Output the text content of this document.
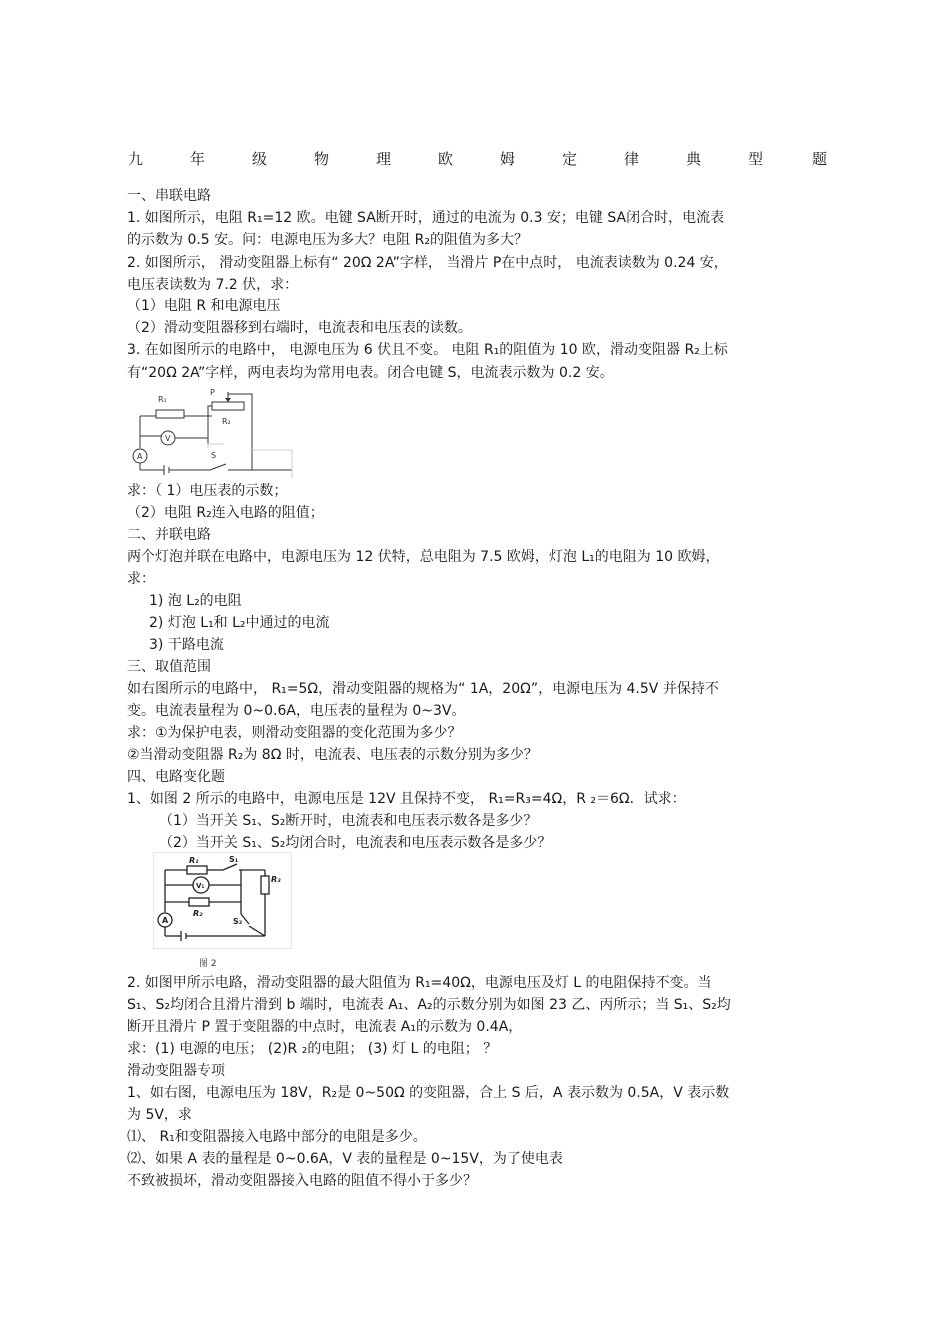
九	年	级	物	理	欧	姆	定	律	典	型	题
一、串联电路
1. 如图所示，电阻 R₁=12 欧。电键 SA断开时，通过的电流为 0.3 安；电键 SA闭合时，电流表
的示数为 0.5 安。问：电源电压为多大？电阻 R₂的阻值为多大？
2. 如图所示， 滑动变阻器上标有“ 20Ω 2A”字样， 当滑片 P在中点时， 电流表读数为 0.24 安，
电压表读数为 7.2 伏，求：
（1）电阻 R 和电源电压
（2）滑动变阻器移到右端时，电流表和电压表的读数。
3. 在如图所示的电路中， 电源电压为 6 伏且不变。 电阻 R₁的阻值为 10 欧，滑动变阻器 R₂上标
有“20Ω 2A”字样，两电表均为常用电表。闭合电键 S，电流表示数为 0.2 安。
R₁
P
R₂
V
A	S
求：（ 1）电压表的示数；
（2）电阻 R₂连入电路的阻值；
二、并联电路
两个灯泡并联在电路中，电源电压为 12 伏特，总电阻为 7.5 欧姆，灯泡 L₁的电阻为 10 欧姆，
求：
1) 泡 L₂的电阻
2) 灯泡 L₁和 L₂中通过的电流
3) 干路电流
三、取值范围
如右图所示的电路中， R₁=5Ω，滑动变阻器的规格为“ 1A，20Ω”，电源电压为 4.5V 并保持不
变。电流表量程为 0~0.6A，电压表的量程为 0~3V。
求：①为保护电表，则滑动变阻器的变化范围为多少？
②当滑动变阻器 R₂为 8Ω 时，电流表、电压表的示数分别为多少？
四、电路变化题
1、如图 2 所示的电路中，电源电压是 12V 且保持不变， R₁=R₃=4Ω，R ₂＝6Ω．试求：
（1）当开关 S₁、S₂断开时，电流表和电压表示数各是多少？
（2）当开关 S₁、S₂均闭合时，电流表和电压表示数各是多少？
R₁	S₁
R₃
V₁
R₂
S₂
A
图 2
2. 如图甲所示电路，滑动变阻器的最大阻值为 R₁=40Ω，电源电压及灯 L 的电阻保持不变。当
S₁、S₂均闭合且滑片滑到 b 端时，电流表 A₁、A₂的示数分别为如图 23 乙、丙所示；当 S₁、S₂均
断开且滑片 P 置于变阻器的中点时，电流表 A₁的示数为 0.4A，
求：(1) 电源的电压； (2)R ₂的电阻； (3) 灯 L 的电阻； ？
滑动变阻器专项
1、如右图，电源电压为 18V，R₂是 0~50Ω 的变阻器，合上 S 后，A 表示数为 0.5A，V 表示数
为 5V，求
⑴、 R₁和变阻器接入电路中部分的电阻是多少。
⑵、如果 A 表的量程是 0~0.6A，V 表的量程是 0~15V，为了使电表
不致被损坏，滑动变阻器接入电路的阻值不得小于多少？
